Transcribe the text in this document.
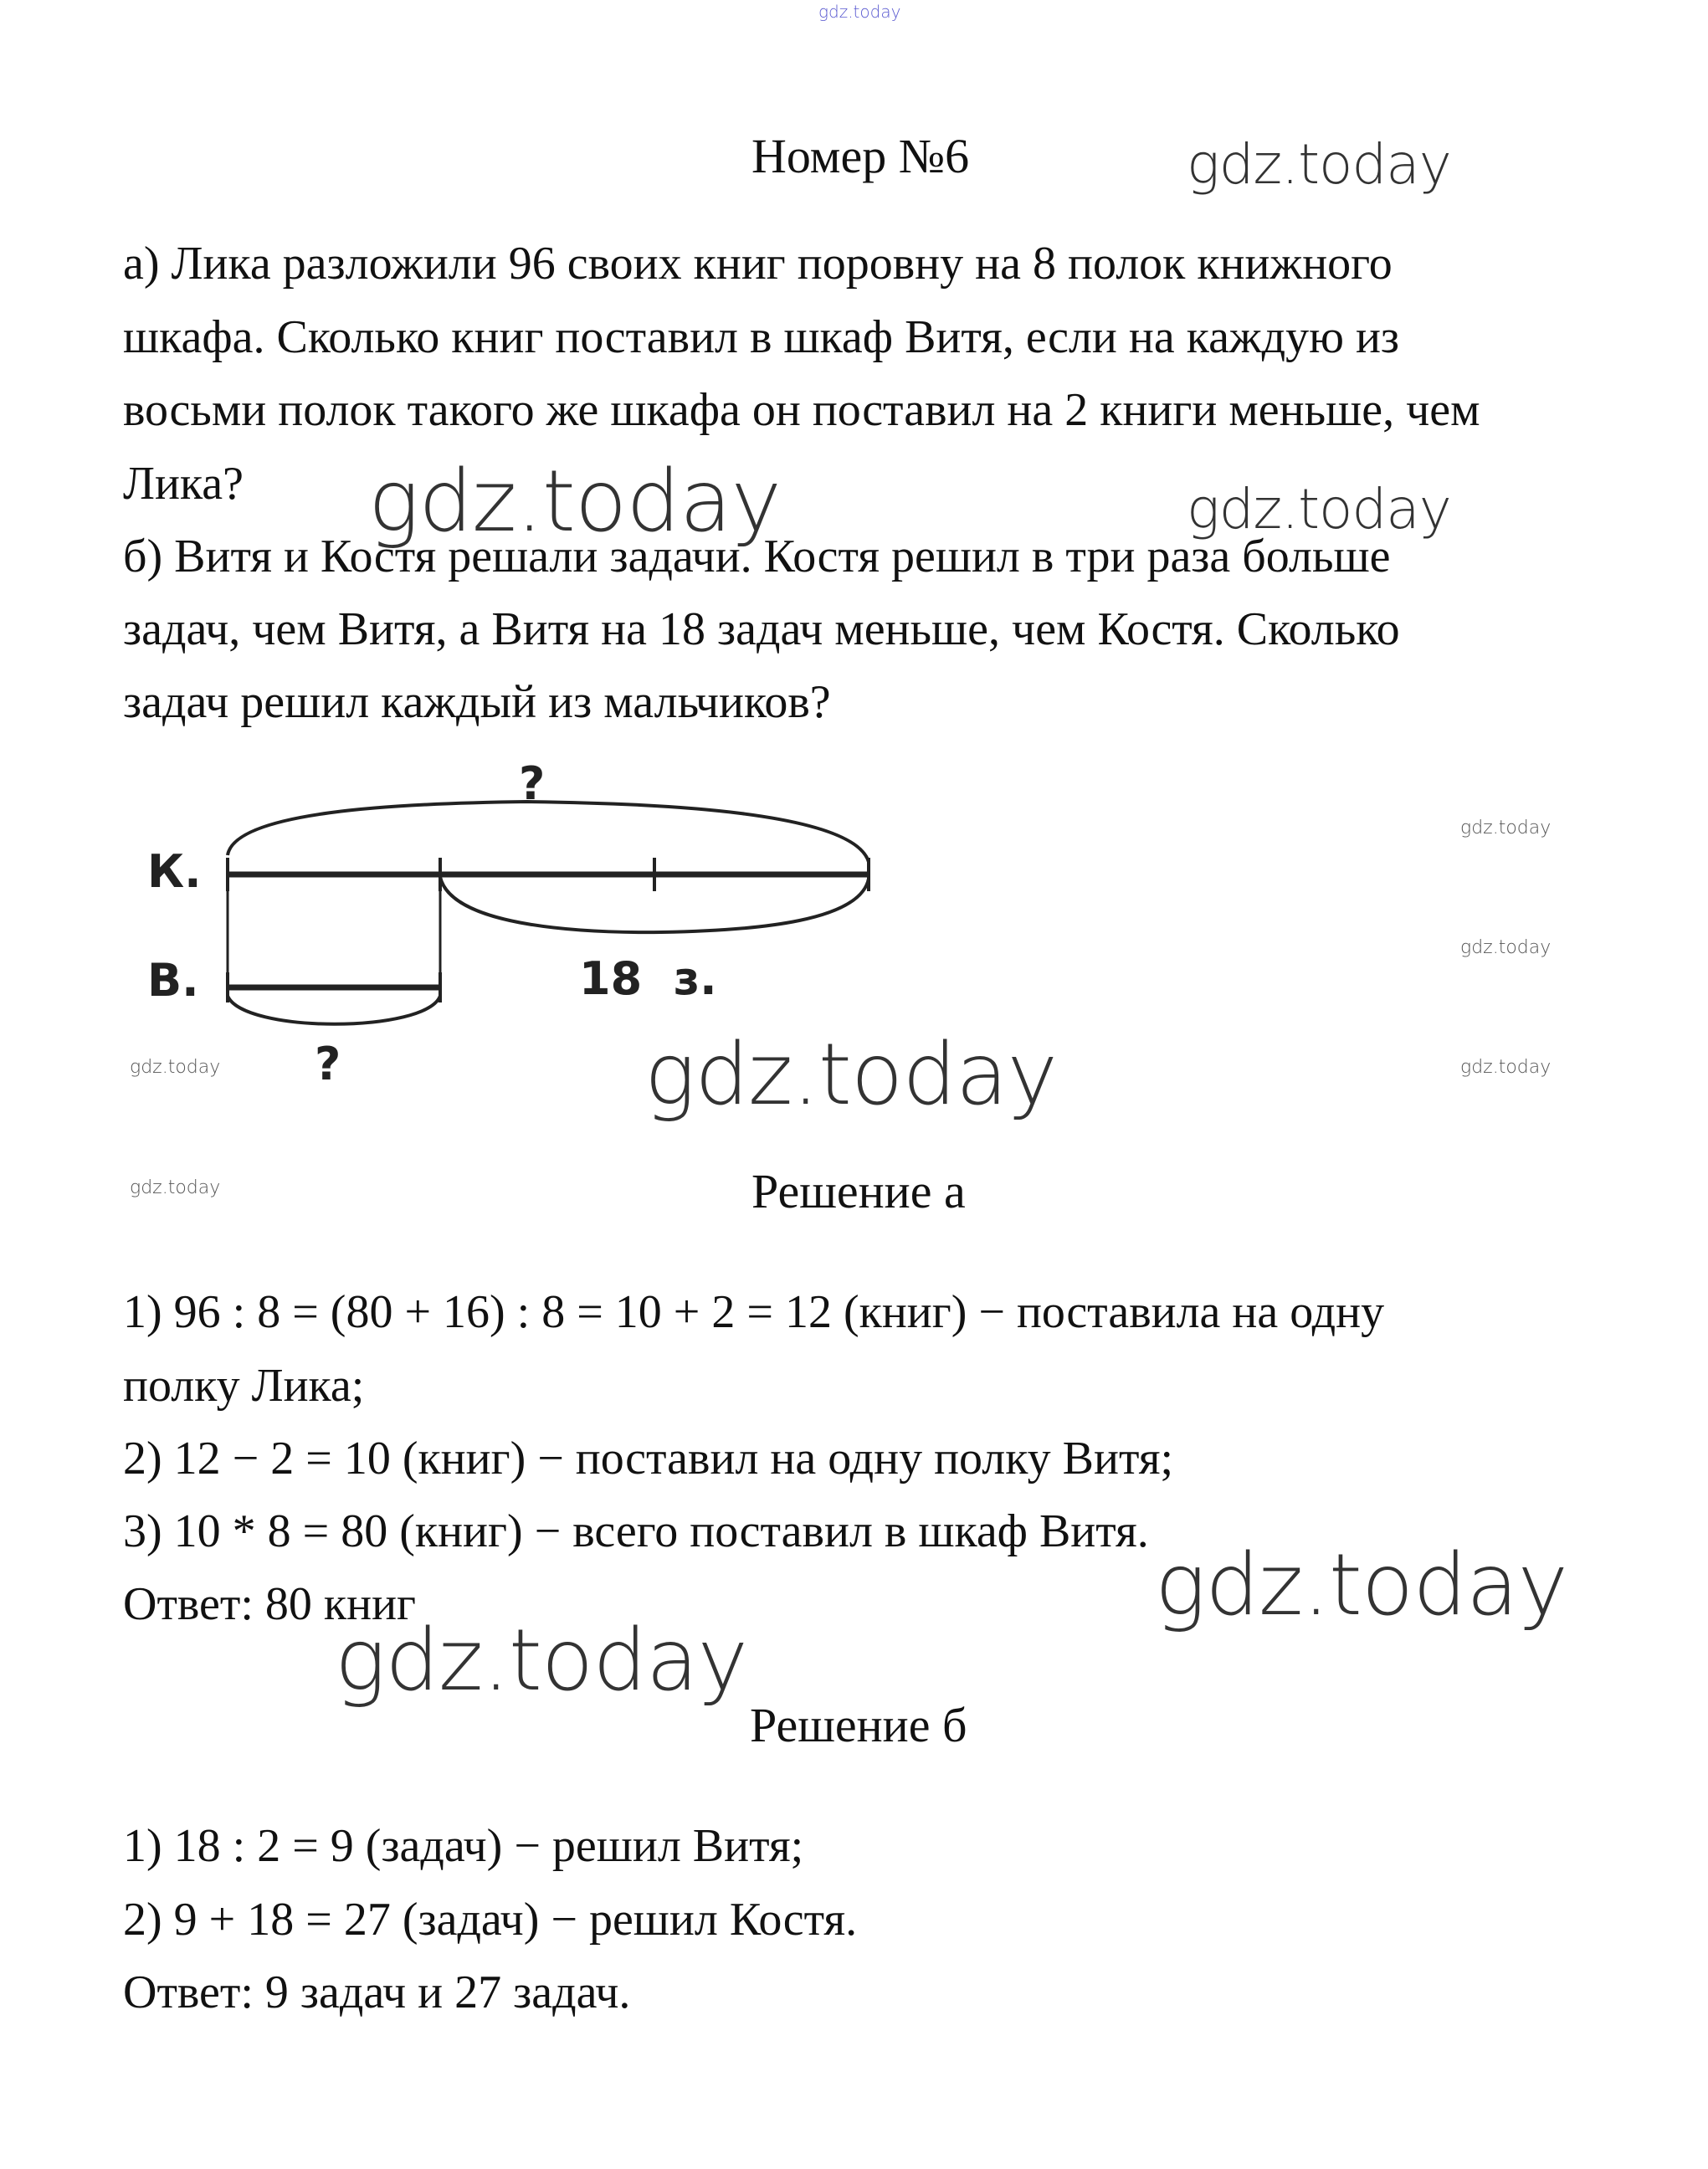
gdz.today
Номер №6
а) Лика разложили 96 своих книг поровну на 8 полок книжного
шкафа. Сколько книг поставил в шкаф Витя, если на каждую из
восьми полок такого же шкафа он поставил на 2 книги меньше, чем
Лика?
б) Витя и Костя решали задачи. Костя решил в три раза больше
задач, чем Витя, а Витя на 18 задач меньше, чем Костя. Сколько
задач решил каждый из мальчиков?
К.
В.
?
?
18  з.
Решение а
1) 96 : 8 = (80 + 16) : 8 = 10 + 2 = 12 (книг) − поставила на одну
полку Лика;
2) 12 − 2 = 10 (книг) − поставил на одну полку Витя;
3) 10 * 8 = 80 (книг) − всего поставил в шкаф Витя.
Ответ: 80 книг
Решение б
1) 18 : 2 = 9 (задач) − решил Витя;
2) 9 + 18 = 27 (задач) − решил Костя.
Ответ: 9 задач и 27 задач.
gdz.today
gdz.today	gdz.today
gdz.today
gdz.today
gdz.today
gdz.today
gdz.today
gdz.today	gdz.today
gdz.today
